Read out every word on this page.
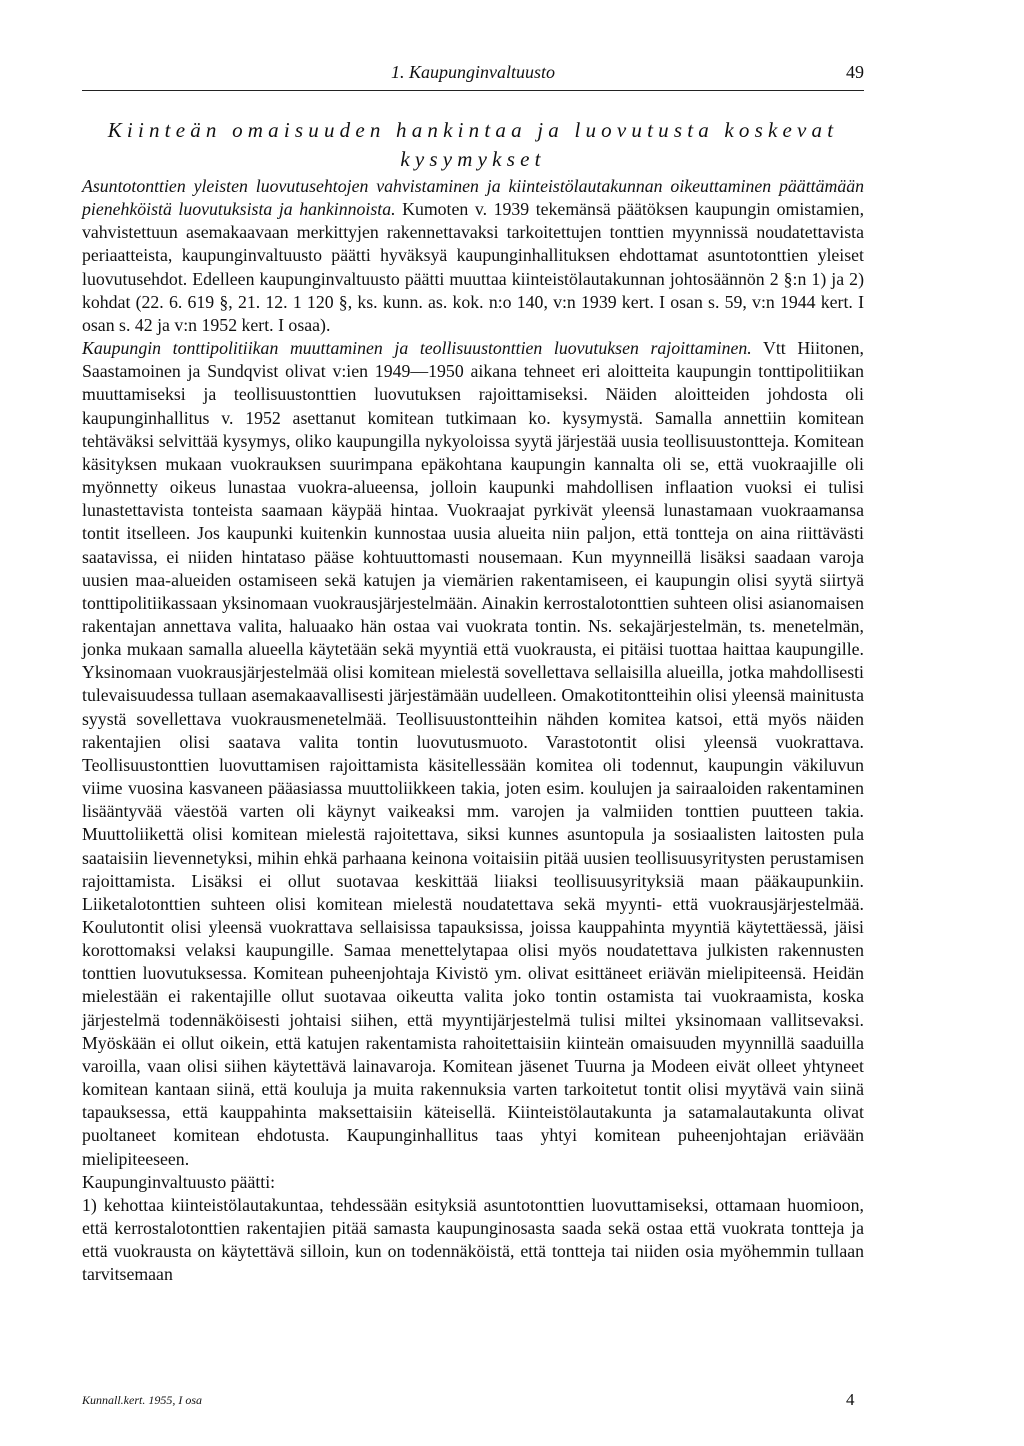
1. Kaupunginvaltuusto	49
Kiinteän omaisuuden hankintaa ja luovutusta koskevat kysymykset

Asuntotonttien yleisten luovutusehtojen vahvistaminen ja kiinteistölautakunnan oikeuttaminen päättämään pienehköistä luovutuksista ja hankinnoista. Kumoten v. 1939 tekemänsä päätöksen kaupungin omistamien, vahvistettuun asemakaavaan merkittyjen rakennettavaksi tarkoitettujen tonttien myynnissä noudatettavista periaatteista, kaupunginvaltuusto päätti hyväksyä kaupunginhallituksen ehdottamat asuntotonttien yleiset luovutusehdot. Edelleen kaupunginvaltuusto päätti muuttaa kiinteistölautakunnan johtosäännön 2 §:n 1) ja 2) kohdat (22. 6. 619 §, 21. 12. 1 120 §, ks. kunn. as. kok. n:o 140, v:n 1939 kert. I osan s. 59, v:n 1944 kert. I osan s. 42 ja v:n 1952 kert. I osaa).

Kaupungin tonttipolitiikan muuttaminen ja teollisuustonttien luovutuksen rajoittaminen. Vtt Hiitonen, Saastamoinen ja Sundqvist olivat v:ien 1949—1950 aikana tehneet eri aloitteita kaupungin tonttipolitiikan muuttamiseksi ja teollisuustonttien luovutuksen rajoittamiseksi. Näiden aloitteiden johdosta oli kaupunginhallitus v. 1952 asettanut komitean tutkimaan ko. kysymystä. Samalla annettiin komitean tehtäväksi selvittää kysymys, oliko kaupungilla nykyoloissa syytä järjestää uusia teollisuustontteja. Komitean käsityksen mukaan vuokrauksen suurimpana epäkohtana kaupungin kannalta oli se, että vuokraajille oli myönnetty oikeus lunastaa vuokra-alueensa, jolloin kaupunki mahdollisen inflaation vuoksi ei tulisi lunastettavista tonteista saamaan käypää hintaa. Vuokraajat pyrkivät yleensä lunastamaan vuokraamansa tontit itselleen. Jos kaupunki kuitenkin kunnostaa uusia alueita niin paljon, että tontteja on aina riittävästi saatavissa, ei niiden hintataso pääse kohtuuttomasti nousemaan. Kun myynneillä lisäksi saadaan varoja uusien maa-alueiden ostamiseen sekä katujen ja viemärien rakentamiseen, ei kaupungin olisi syytä siirtyä tonttipolitiikassaan yksinomaan vuokrausjärjestelmään. Ainakin kerrostalotonttien suhteen olisi asianomaisen rakentajan annettava valita, haluaako hän ostaa vai vuokrata tontin. Ns. sekajärjestelmän, ts. menetelmän, jonka mukaan samalla alueella käytetään sekä myyntiä että vuokrausta, ei pitäisi tuottaa haittaa kaupungille. Yksinomaan vuokrausjärjestelmää olisi komitean mielestä sovellettava sellaisilla alueilla, jotka mahdollisesti tulevaisuudessa tullaan asemakaavallisesti järjestämään uudelleen. Omakotitontteihin olisi yleensä mainitusta syystä sovellettava vuokrausmenetelmää. Teollisuustontteihin nähden komitea katsoi, että myös näiden rakentajien olisi saatava valita tontin luovutusmuoto. Varastotontit olisi yleensä vuokrattava. Teollisuustonttien luovuttamisen rajoittamista käsitellessään komitea oli todennut, kaupungin väkiluvun viime vuosina kasvaneen pääasiassa muuttoliikkeen takia, joten esim. koulujen ja sairaaloiden rakentaminen lisääntyvää väestöä varten oli käynyt vaikeaksi mm. varojen ja valmiiden tonttien puutteen takia. Muuttoliikettä olisi komitean mielestä rajoitettava, siksi kunnes asuntopula ja sosiaalisten laitosten pula saataisiin lievennetyksi, mihin ehkä parhaana keinona voitaisiin pitää uusien teollisuusyritysten perustamisen rajoittamista. Lisäksi ei ollut suotavaa keskittää liiaksi teollisuusyrityksiä maan pääkaupunkiin. Liiketalotonttien suhteen olisi komitean mielestä noudatettava sekä myynti- että vuokrausjärjestelmää. Koulutontit olisi yleensä vuokrattava sellaisissa tapauksissa, joissa kauppahinta myyntiä käytettäessä, jäisi korottomaksi velaksi kaupungille. Samaa menettelytapaa olisi myös noudatettava julkisten rakennusten tonttien luovutuksessa. Komitean puheenjohtaja Kivistö ym. olivat esittäneet eriävän mielipiteensä. Heidän mielestään ei rakentajille ollut suotavaa oikeutta valita joko tontin ostamista tai vuokraamista, koska järjestelmä todennäköisesti johtaisi siihen, että myyntijärjestelmä tulisi miltei yksinomaan vallitsevaksi. Myöskään ei ollut oikein, että katujen rakentamista rahoitettaisiin kiinteän omaisuuden myynnillä saaduilla varoilla, vaan olisi siihen käytettävä lainavaroja. Komitean jäsenet Tuurna ja Modeen eivät olleet yhtyneet komitean kantaan siinä, että kouluja ja muita rakennuksia varten tarkoitetut tontit olisi myytävä vain siinä tapauksessa, että kauppahinta maksettaisiin käteisellä. Kiinteistölautakunta ja satamalautakunta olivat puoltaneet komitean ehdotusta. Kaupunginhallitus taas yhtyi komitean puheenjohtajan eriävään mielipiteeseen.

Kaupunginvaltuusto päätti:

1) kehottaa kiinteistölautakuntaa, tehdessään esityksiä asuntotonttien luovuttamiseksi, ottamaan huomioon, että kerrostalotonttien rakentajien pitää samasta kaupunginosasta saada sekä ostaa että vuokrata tontteja ja että vuokrausta on käytettävä silloin, kun on todennäköistä, että tontteja tai niiden osia myöhemmin tullaan tarvitsemaan

Kunnall.kert. 1955, I osa	4
